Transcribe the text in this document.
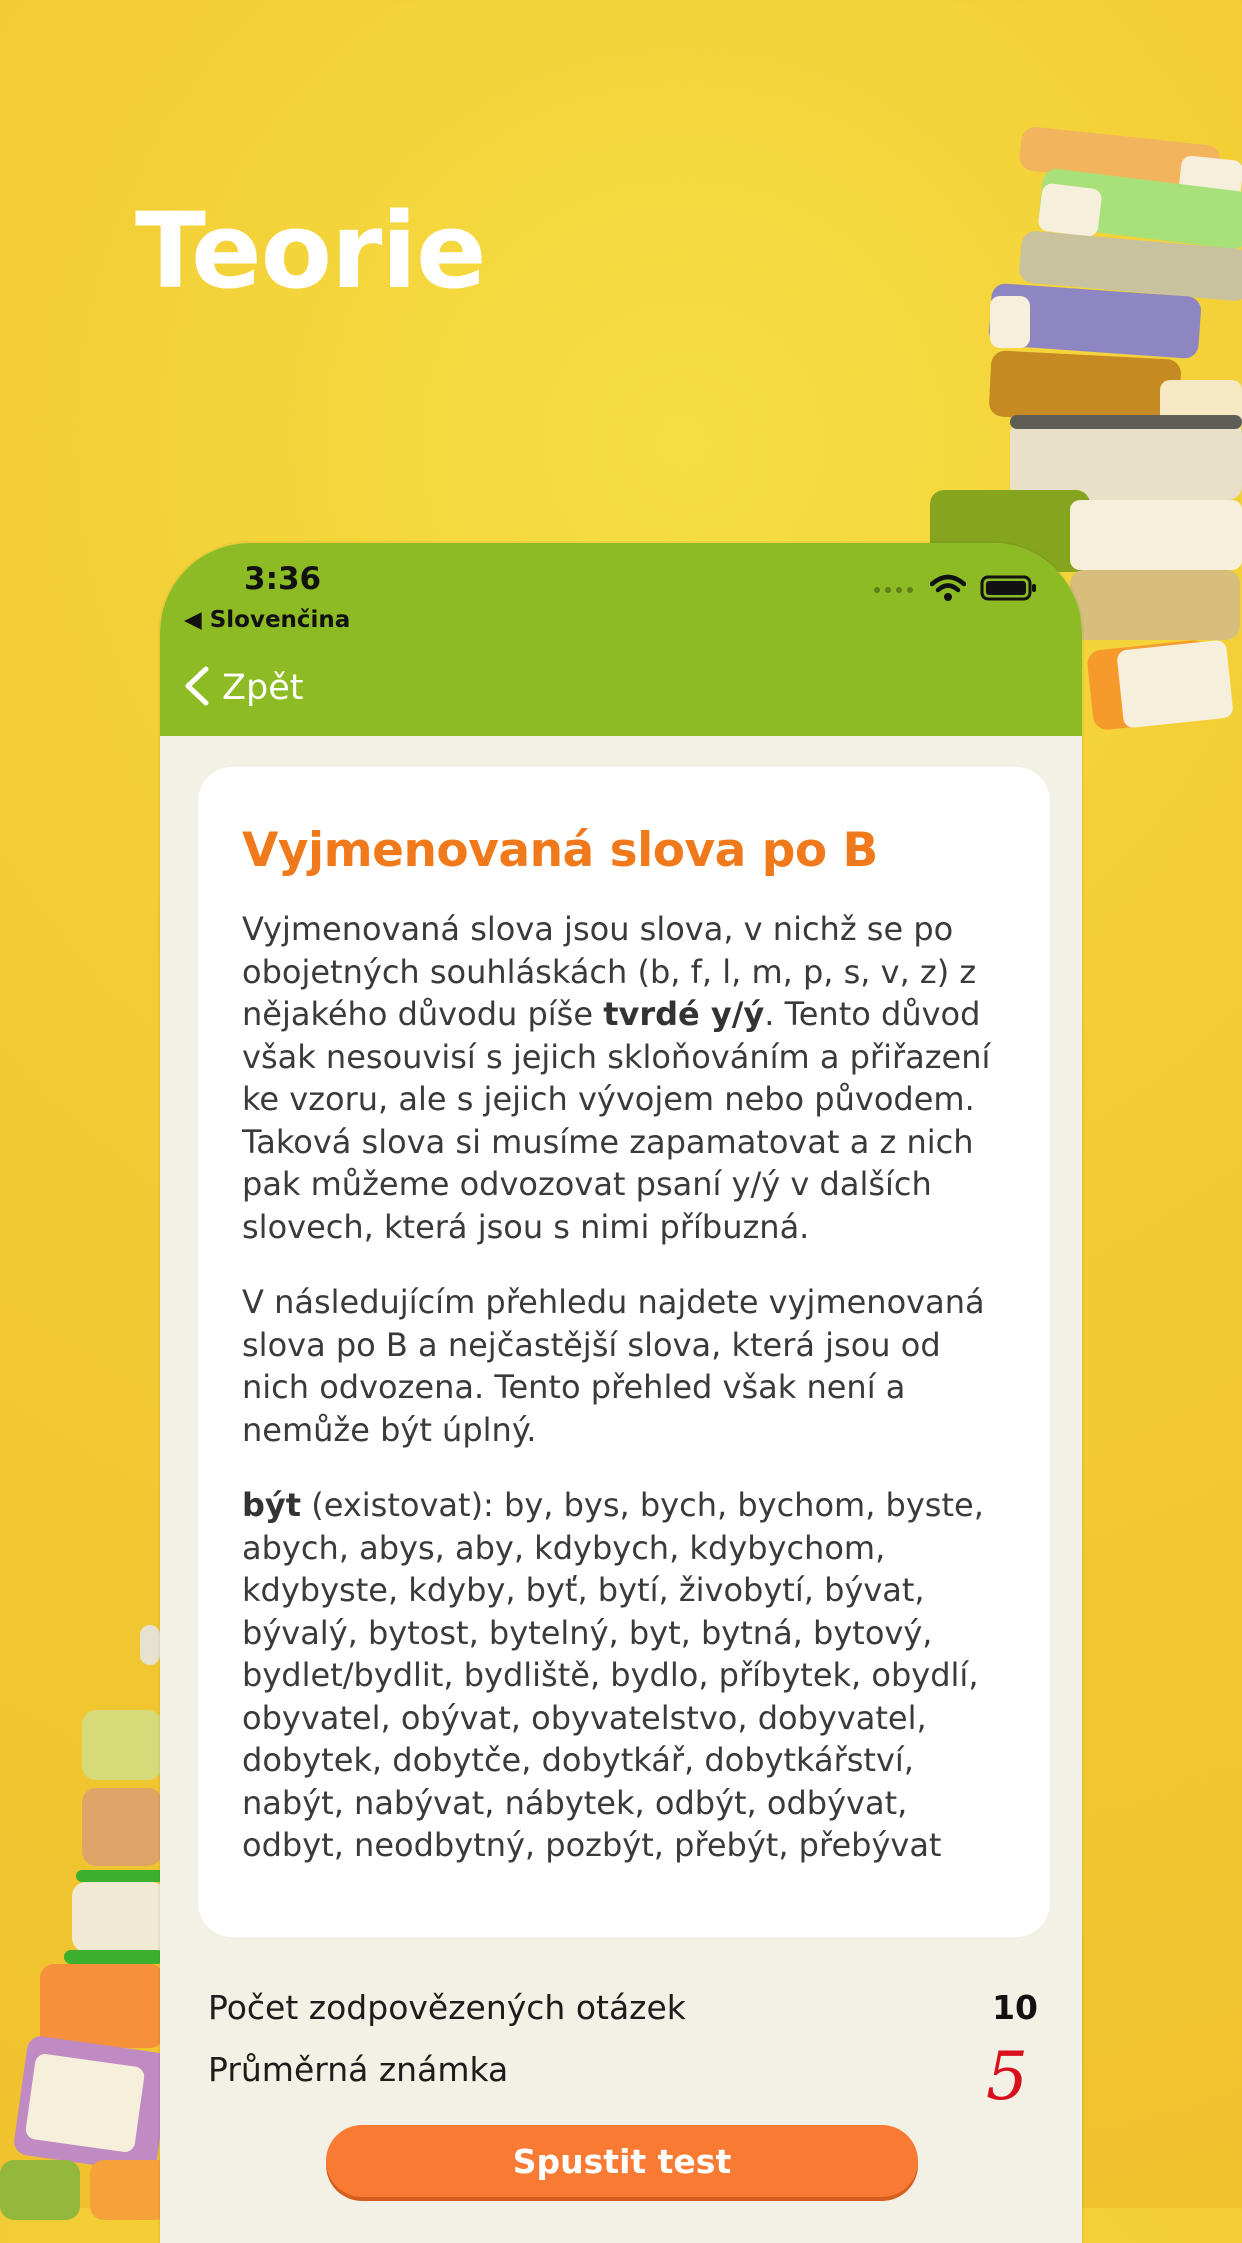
Teorie
3:36
◀ Slovenčina
Zpět
Vyjmenovaná slova po B

Vyjmenovaná slova jsou slova, v nichž se po obojetných souhláskách (b, f, l, m, p, s, v, z) z nějakého důvodu píše tvrdé y/ý. Tento důvod však nesouvisí s jejich skloňováním a přiřazení ke vzoru, ale s jejich vývojem nebo původem. Taková slova si musíme zapamatovat a z nich pak můžeme odvozovat psaní y/ý v dalších slovech, která jsou s nimi příbuzná.

V následujícím přehledu najdete vyjmenovaná slova po B a nejčastější slova, která jsou od nich odvozena. Tento přehled však není a nemůže být úplný.

být (existovat): by, bys, bych, bychom, byste, abych, abys, aby, kdybych, kdybychom, kdybyste, kdyby, byť, bytí, živobytí, bývat, bývalý, bytost, bytelný, byt, bytná, bytový, bydlet/bydlit, bydliště, bydlo, příbytek, obydlí, obyvatel, obývat, obyvatelstvo, dobyvatel, dobytek, dobytče, dobytkář, dobytkářství, nabýt, nabývat, nábytek, odbýt, odbývat, odbyt, neodbytný, pozbýt, přebýt, přebývat

Počet zodpovězených otázek	10
Průměrná známka	5
Spustit test
